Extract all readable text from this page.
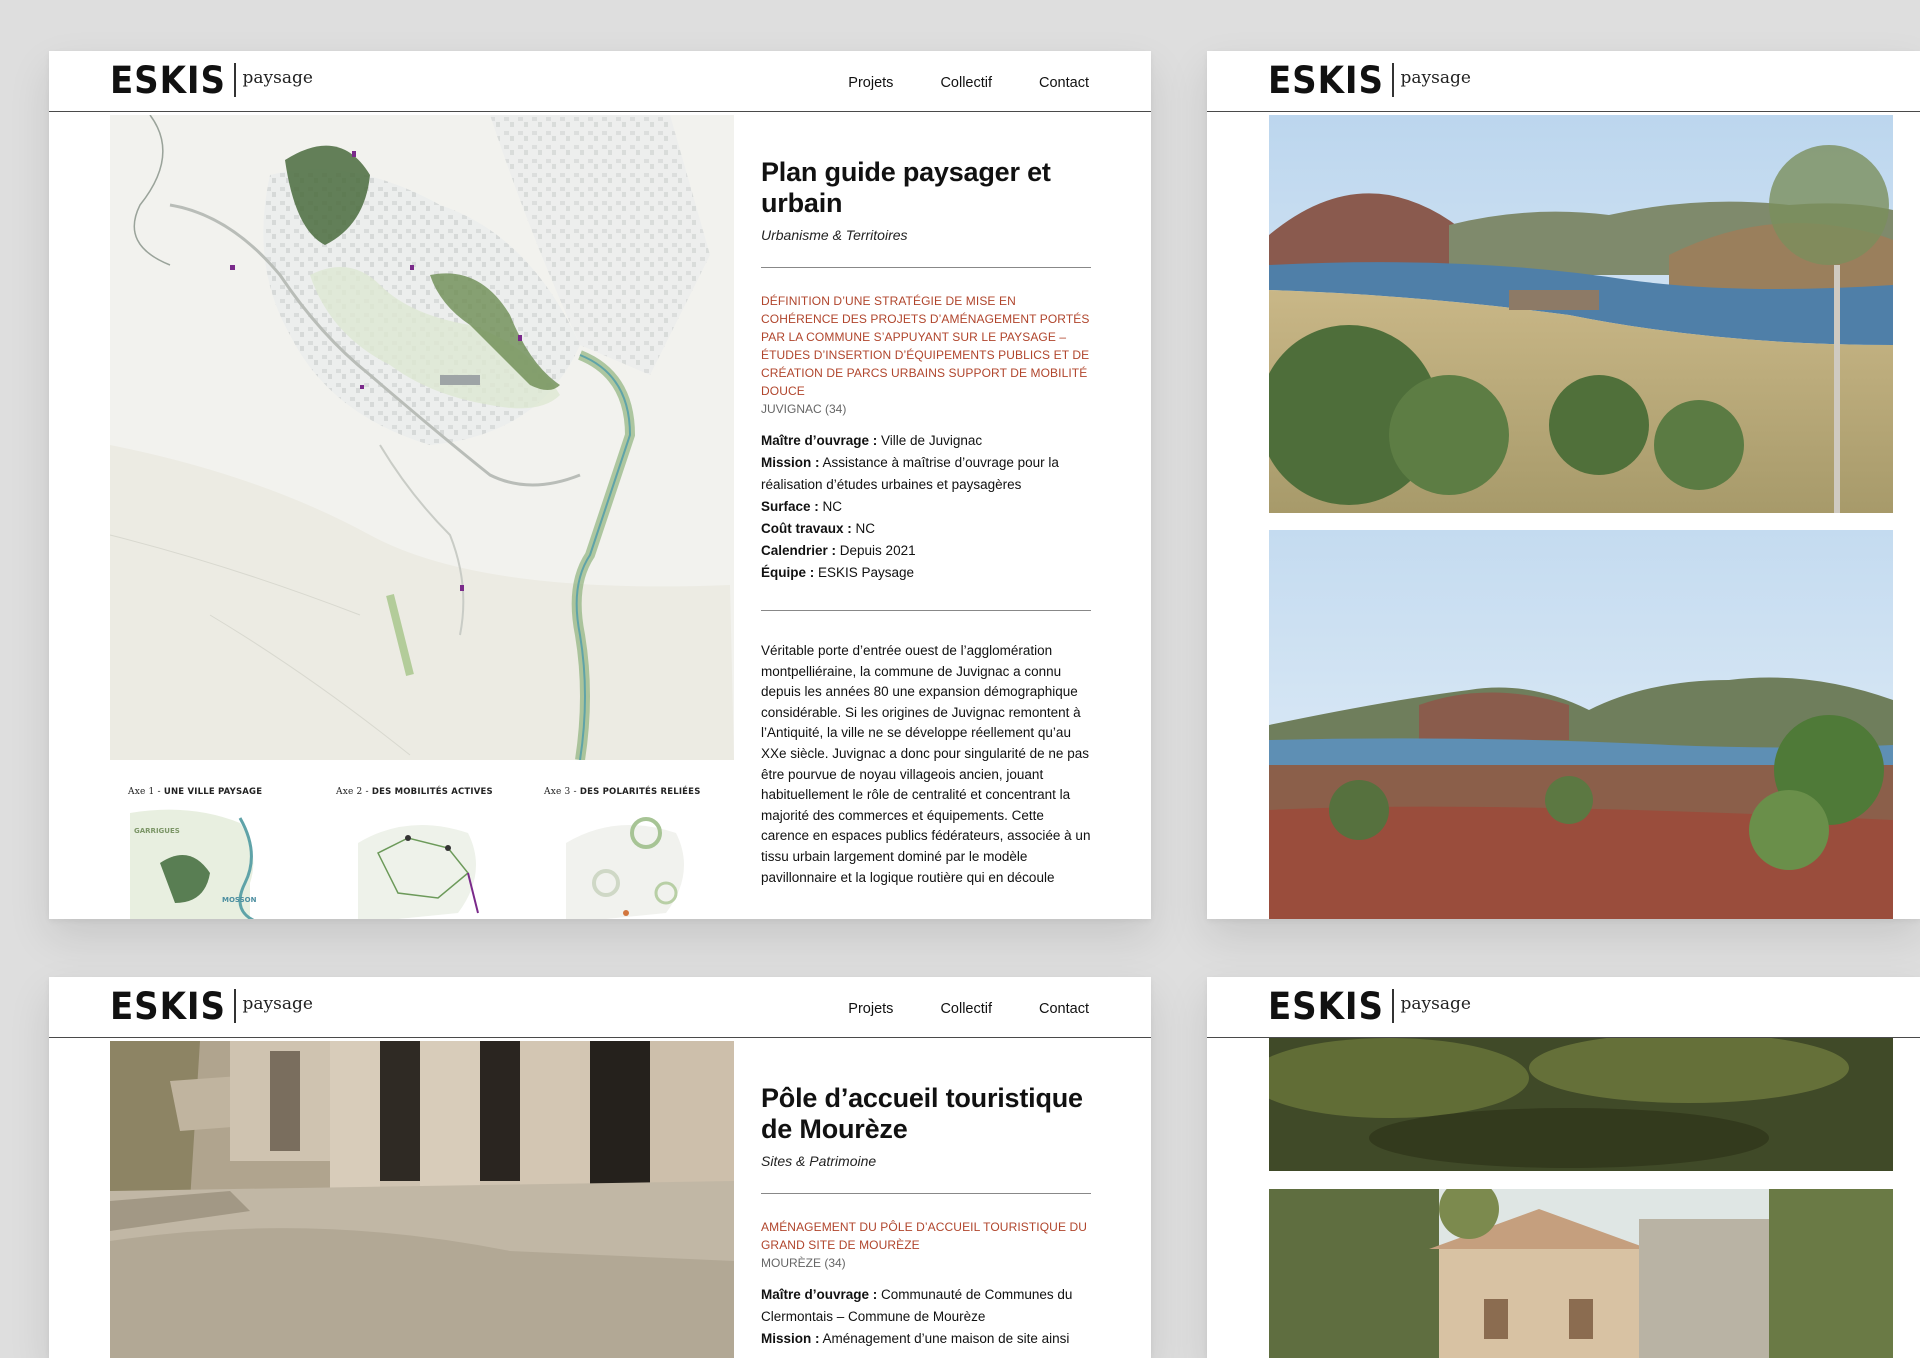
ESKIS paysage	Projets	Collectif	Contact
Axe 1 - UNE VILLE PAYSAGE
GARRIGUES
MOSSON
Axe 2 - DES MOBILITÉS ACTIVES	Axe 3 - DES POLARITÉS RELIÉES
Plan guide paysager et urbain
Urbanisme & Territoires
DÉFINITION D’UNE STRATÉGIE DE MISE EN COHÉRENCE DES PROJETS D’AMÉNAGEMENT PORTÉS PAR LA COMMUNE S’APPUYANT SUR LE PAYSAGE – ÉTUDES D’INSERTION D’ÉQUIPEMENTS PUBLICS ET DE CRÉATION DE PARCS URBAINS SUPPORT DE MOBILITÉ DOUCE
JUVIGNAC (34)
Maître d’ouvrage : Ville de Juvignac
Mission : Assistance à maîtrise d’ouvrage pour la réalisation d’études urbaines et paysagères
Surface : NC
Coût travaux : NC
Calendrier : Depuis 2021
Équipe : ESKIS Paysage
Véritable porte d’entrée ouest de l’agglomération montpelliéraine, la commune de Juvignac a connu depuis les années 80 une expansion démographique considérable. Si les origines de Juvignac remontent à l’Antiquité, la ville ne se développe réellement qu’au XXe siècle. Juvignac a donc pour singularité de ne pas être pourvue de noyau villageois ancien, jouant habituellement le rôle de centralité et concentrant la majorité des commerces et équipements. Cette carence en espaces publics fédérateurs, associée à un tissu urbain largement dominé par le modèle pavillonnaire et la logique routière qui en découle
ESKIS paysage
ESKIS paysage	Projets	Collectif	Contact
Pôle d’accueil touristique de Mourèze
Sites & Patrimoine
AMÉNAGEMENT DU PÔLE D’ACCUEIL TOURISTIQUE DU GRAND SITE DE MOURÈZE
MOURÈZE (34)
Maître d’ouvrage : Communauté de Communes du Clermontais – Commune de Mourèze
Mission : Aménagement d’une maison de site ainsi
ESKIS paysage
